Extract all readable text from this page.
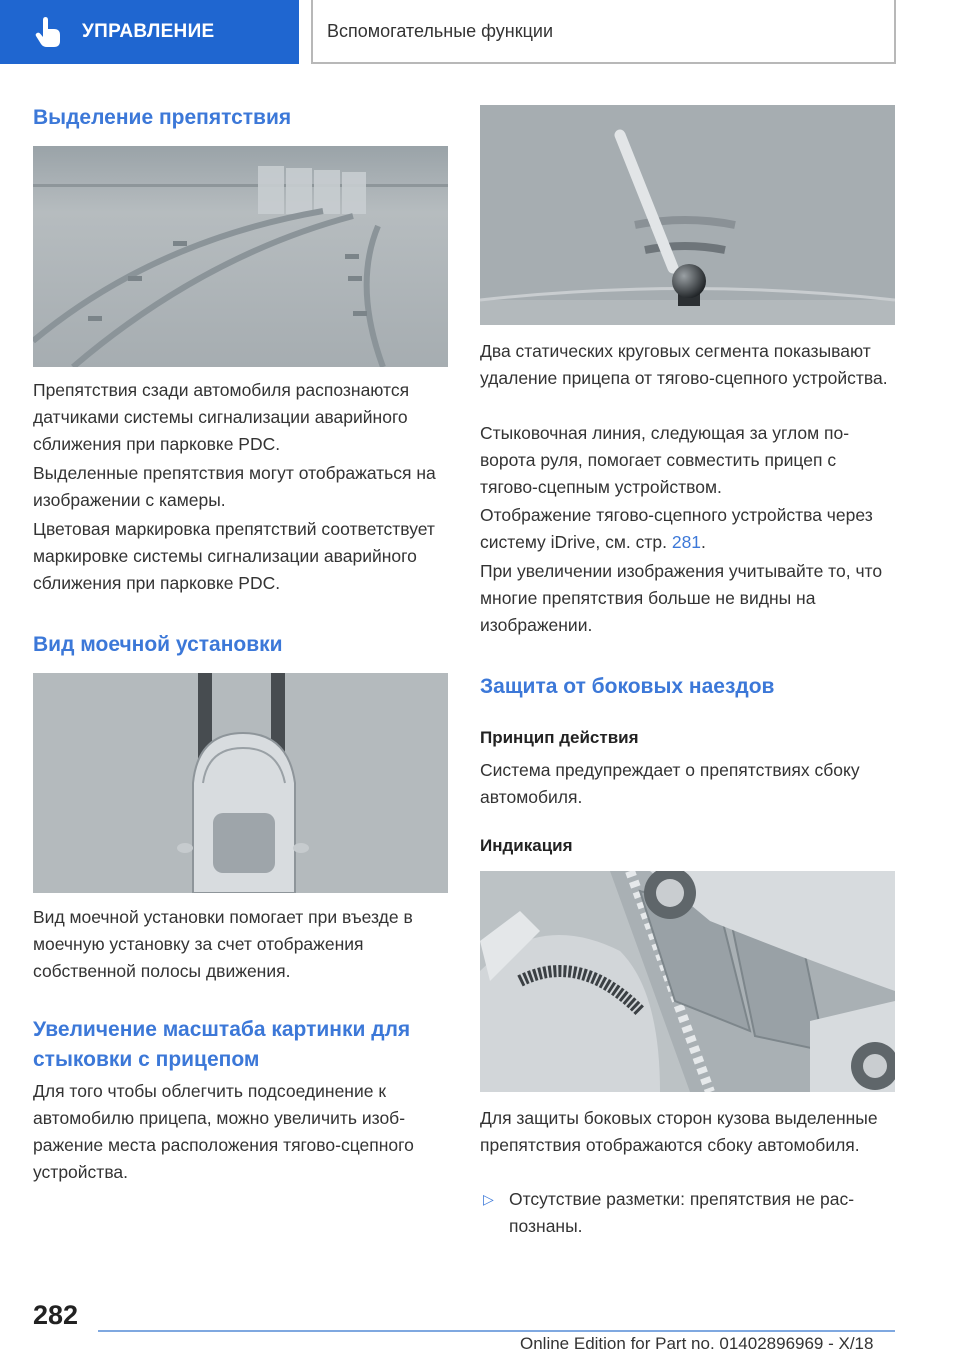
УПРАВЛЕНИЕ	Вспомогательные функции
Выделение препятствия

Препятствия сзади автомобиля распознаются датчиками системы сигнализации аварийного сближения при парковке PDC.

Выделенные препятствия могут отображаться на изображении с камеры.

Цветовая маркировка препятствий соответствует маркировке системы сигнализации аварийного сближения при парковке PDC.

Вид моечной установки

Вид моечной установки помогает при въезде в моечную установку за счет отображения собственной полосы движения.

Увеличение масштаба картинки для стыковки с прицепом

Для того чтобы облегчить подсоединение к автомобилю прицепа, можно увеличить изображение места расположения тягово-сцепного устройства.

Два статических круговых сегмента показывают удаление прицепа от тягово-сцепного устройства.

Стыковочная линия, следующая за углом поворота руля, помогает совместить прицеп с тягово-сцепным устройством.

Отображение тягово-сцепного устройства через систему iDrive, см. стр. 281.

При увеличении изображения учитывайте то, что многие препятствия больше не видны на изображении.

Защита от боковых наездов
Принцип действия

Система предупреждает о препятствиях сбоку автомобиля.

Индикация

Для защиты боковых сторон кузова выделенные препятствия отображаются сбоку автомобиля.

▷ Отсутствие разметки: препятствия не распознаны.

282
Online Edition for Part no. 01402896969 - X/18
